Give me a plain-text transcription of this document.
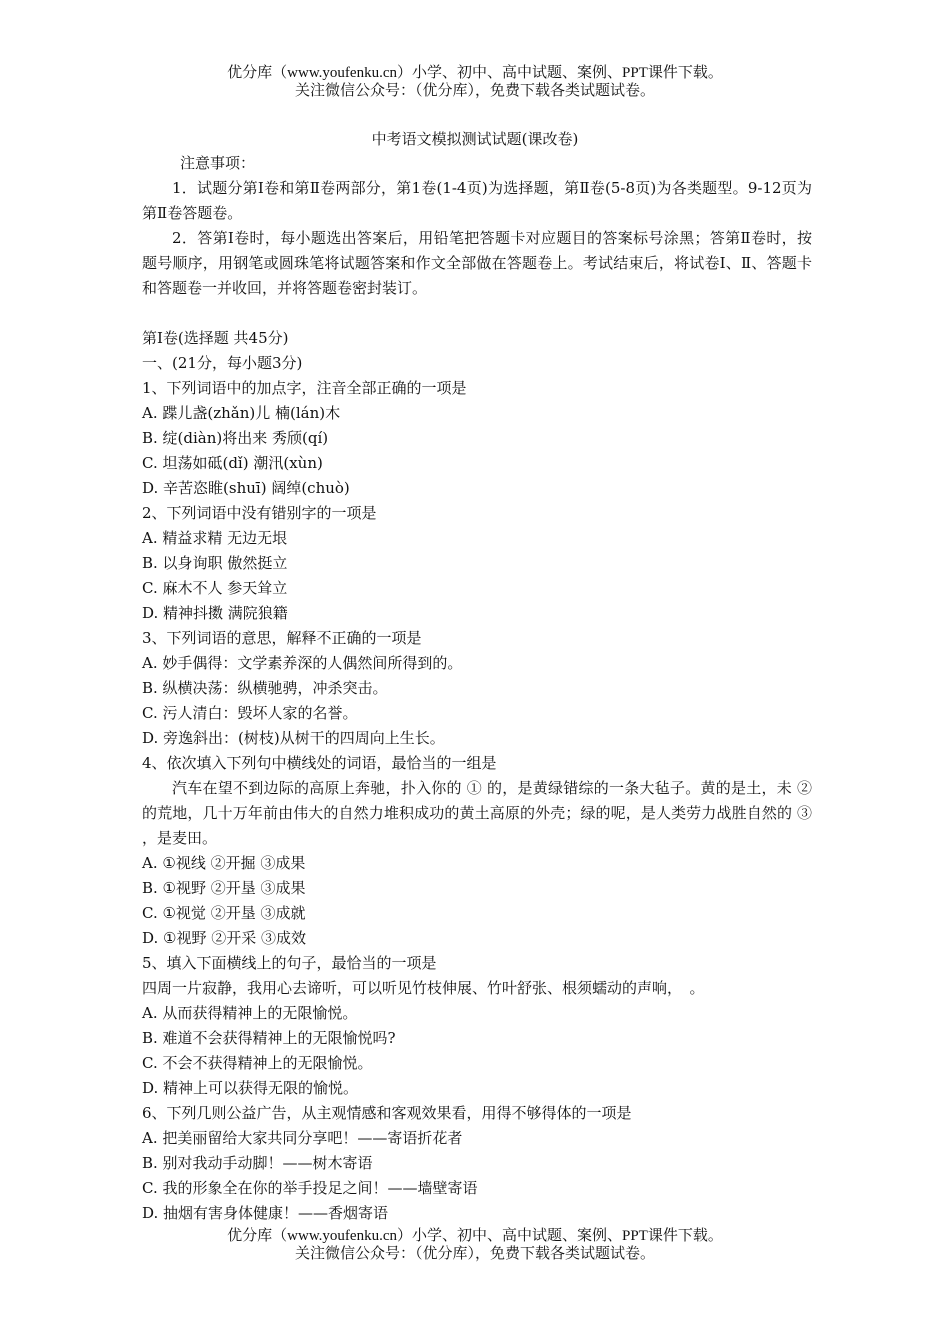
优分库（www.youfenku.cn）小学、初中、高中试题、案例、PPT课件下载。
关注微信公众号：（优分库），免费下载各类试题试卷。
中考语文模拟测试试题(课改卷)

注意事项：

1．试题分第Ⅰ卷和第Ⅱ卷两部分，第1卷(1-4页)为选择题，第Ⅱ卷(5-8页)为各类题型。9-12页为第Ⅱ卷答题卷。

2．答第Ⅰ卷时，每小题选出答案后，用铅笔把答题卡对应题目的答案标号涂黑；答第Ⅱ卷时，按题号顺序，用钢笔或圆珠笔将试题答案和作文全部做在答题卷上。考试结束后，将试卷Ⅰ、Ⅱ、答题卡和答题卷一并收回，并将答题卷密封装订。

第Ⅰ卷(选择题 共45分)

一、(21分，每小题3分)

1、下列词语中的加点字，注音全部正确的一项是

A. 蹀儿盏(zhǎn)儿 楠(lán)木

B. 绽(diàn)将出来 秀颀(qí)

C. 坦荡如砥(dǐ) 潮汛(xùn)

D. 辛苦恣睢(shuī) 阔绰(chuò)

2、下列词语中没有错别字的一项是

A. 精益求精 无边无垠

B. 以身询职 傲然挺立

C. 麻木不人 参天耸立

D. 精神抖擞 满院狼籍

3、下列词语的意思，解释不正确的一项是

A. 妙手偶得：文学素养深的人偶然间所得到的。

B. 纵横决荡：纵横驰骋，冲杀突击。

C. 污人清白：毁坏人家的名誉。

D. 旁逸斜出：(树枝)从树干的四周向上生长。

4、依次填入下列句中横线处的词语，最恰当的一组是

汽车在望不到边际的高原上奔驰，扑入你的 ① 的，是黄绿错综的一条大毡子。黄的是土，未 ② 的荒地，几十万年前由伟大的自然力堆积成功的黄土高原的外壳；绿的呢，是人类劳力战胜自然的 ③ ，是麦田。

A. ①视线 ②开掘 ③成果

B. ①视野 ②开垦 ③成果

C. ①视觉 ②开垦 ③成就

D. ①视野 ②开采 ③成效

5、填入下面横线上的句子，最恰当的一项是

四周一片寂静，我用心去谛听，可以听见竹枝伸展、竹叶舒张、根须蠕动的声响，　。

A. 从而获得精神上的无限愉悦。

B. 难道不会获得精神上的无限愉悦吗?

C. 不会不获得精神上的无限愉悦。

D. 精神上可以获得无限的愉悦。

6、下列几则公益广告，从主观情感和客观效果看，用得不够得体的一项是

A. 把美丽留给大家共同分享吧！——寄语折花者

B. 别对我动手动脚！——树木寄语

C. 我的形象全在你的举手投足之间！——墙壁寄语

D. 抽烟有害身体健康！——香烟寄语

优分库（www.youfenku.cn）小学、初中、高中试题、案例、PPT课件下载。
关注微信公众号：（优分库），免费下载各类试题试卷。
